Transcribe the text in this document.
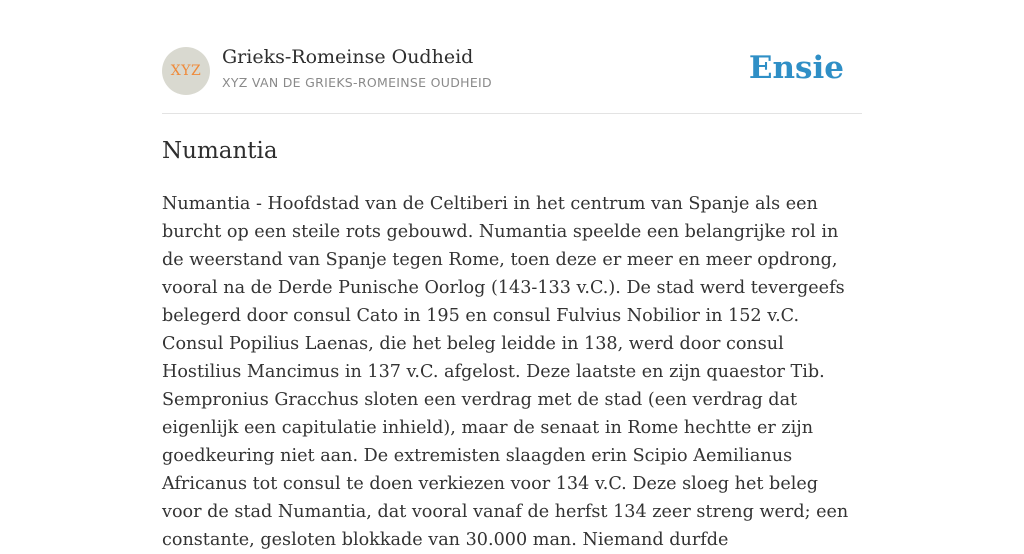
XYZ
Grieks-Romeinse Oudheid
XYZ VAN DE GRIEKS-ROMEINSE OUDHEID	Ensie
Numantia

Numantia - Hoofdstad van de Celtiberi in het centrum van Spanje als een burcht op een steile rots gebouwd. Numantia speelde een belangrijke rol in de weerstand van Spanje tegen Rome, toen deze er meer en meer opdrong, vooral na de Derde Punische Oorlog (143-133 v.C.). De stad werd tevergeefs belegerd door consul Cato in 195 en consul Fulvius Nobilior in 152 v.C. Consul Popilius Laenas, die het beleg leidde in 138, werd door consul Hostilius Mancimus in 137 v.C. afgelost. Deze laatste en zijn quaestor Tib. Sempronius Gracchus sloten een verdrag met de stad (een verdrag dat eigenlijk een capitulatie inhield), maar de senaat in Rome hechtte er zijn goedkeuring niet aan. De extremisten slaagden erin Scipio Aemilianus Africanus tot consul te doen verkiezen voor 134 v.C. Deze sloeg het beleg voor de stad Numantia, dat vooral vanaf de herfst 134 zeer streng werd; een constante, gesloten blokkade van 30.000 man. Niemand durfde
